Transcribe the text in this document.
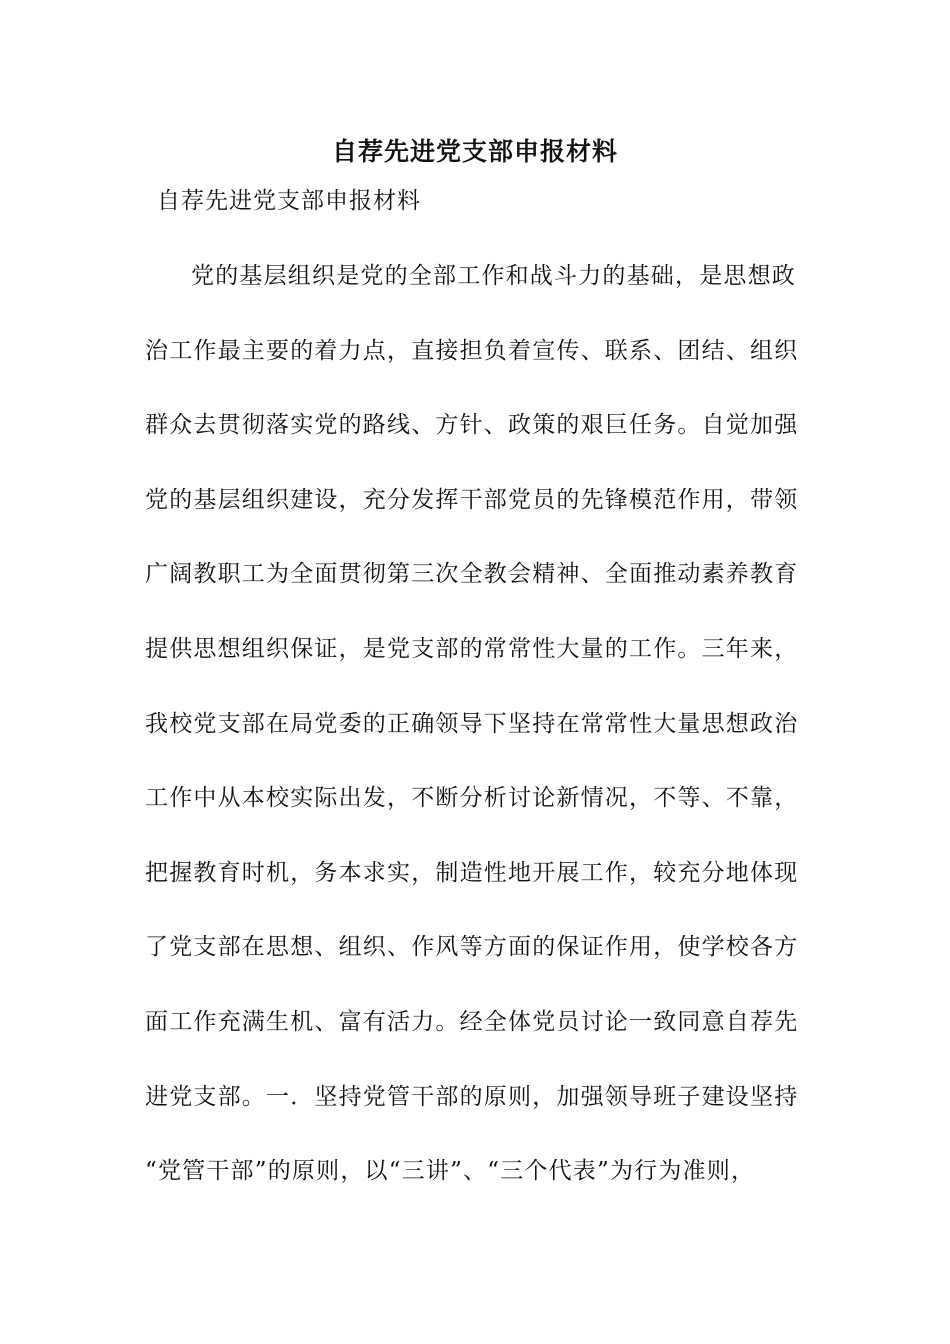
自荐先进党支部申报材料
自荐先进党支部申报材料
党的基层组织是党的全部工作和战斗力的基础，是思想政
治工作最主要的着力点，直接担负着宣传、联系、团结、组织
群众去贯彻落实党的路线、方针、政策的艰巨任务。自觉加强
党的基层组织建设，充分发挥干部党员的先锋模范作用，带领
广阔教职工为全面贯彻第三次全教会精神、全面推动素养教育
提供思想组织保证，是党支部的常常性大量的工作。三年来，
我校党支部在局党委的正确领导下坚持在常常性大量思想政治
工作中从本校实际出发，不断分析讨论新情况，不等、不靠，
把握教育时机，务本求实，制造性地开展工作，较充分地体现
了党支部在思想、组织、作风等方面的保证作用，使学校各方
面工作充满生机、富有活力。经全体党员讨论一致同意自荐先
进党支部。一．坚持党管干部的原则，加强领导班子建设坚持
“党管干部”的原则，以“三讲”、“三个代表”为行为准则，
